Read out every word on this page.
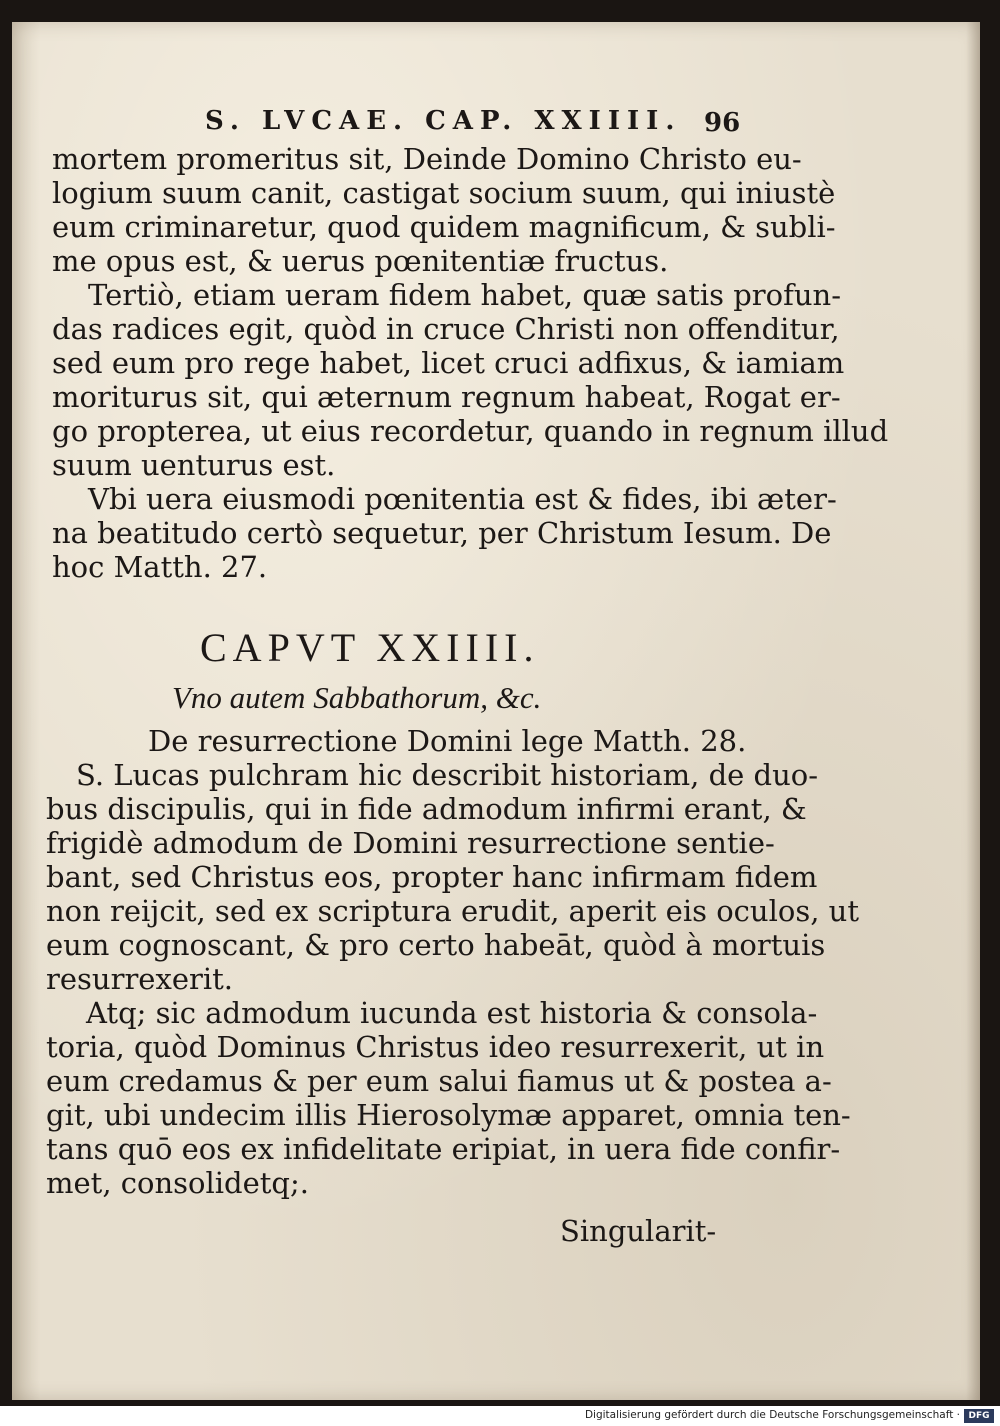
S. LVCAE. CAP. XXIIII. 96
mortem promeritus sit, Deinde Domino Christo eu-
logium suum canit, castigat socium suum, qui iniustè
eum criminaretur, quod quidem magnificum, & subli-
me opus est, & uerus pœnitentiæ fructus.
Tertiò, etiam ueram fidem habet, quæ satis profun-
das radices egit, quòd in cruce Christi non offenditur,
sed eum pro rege habet, licet cruci adfixus, & iamiam
moriturus sit, qui æternum regnum habeat, Rogat er-
go propterea, ut eius recordetur, quando in regnum illud
suum uenturus est.
Vbi uera eiusmodi pœnitentia est & fides, ibi æter-
na beatitudo certò sequetur, per Christum Iesum. De
hoc Matth. 27.
CAPVT XXIIII.
Vno autem Sabbathorum, &c.
De resurrectione Domini lege Matth. 28.
S. Lucas pulchram hic describit historiam, de duo-
bus discipulis, qui in fide admodum infirmi erant, &
frigidè admodum de Domini resurrectione sentie-
bant, sed Christus eos, propter hanc infirmam fidem
non reijcit, sed ex scriptura erudit, aperit eis oculos, ut
eum cognoscant, & pro certo habeāt, quòd à mortuis
resurrexerit.
Atq; sic admodum iucunda est historia & consola-
toria, quòd Dominus Christus ideo resurrexerit, ut in
eum credamus & per eum salui fiamus ut & postea a-
git, ubi undecim illis Hierosolymæ apparet, omnia ten-
tans quō eos ex infidelitate eripiat, in uera fide confir-
met, consolidetq;.
Singularit-
Digitalisierung gefördert durch die Deutsche Forschungsgemeinschaft · DFG
